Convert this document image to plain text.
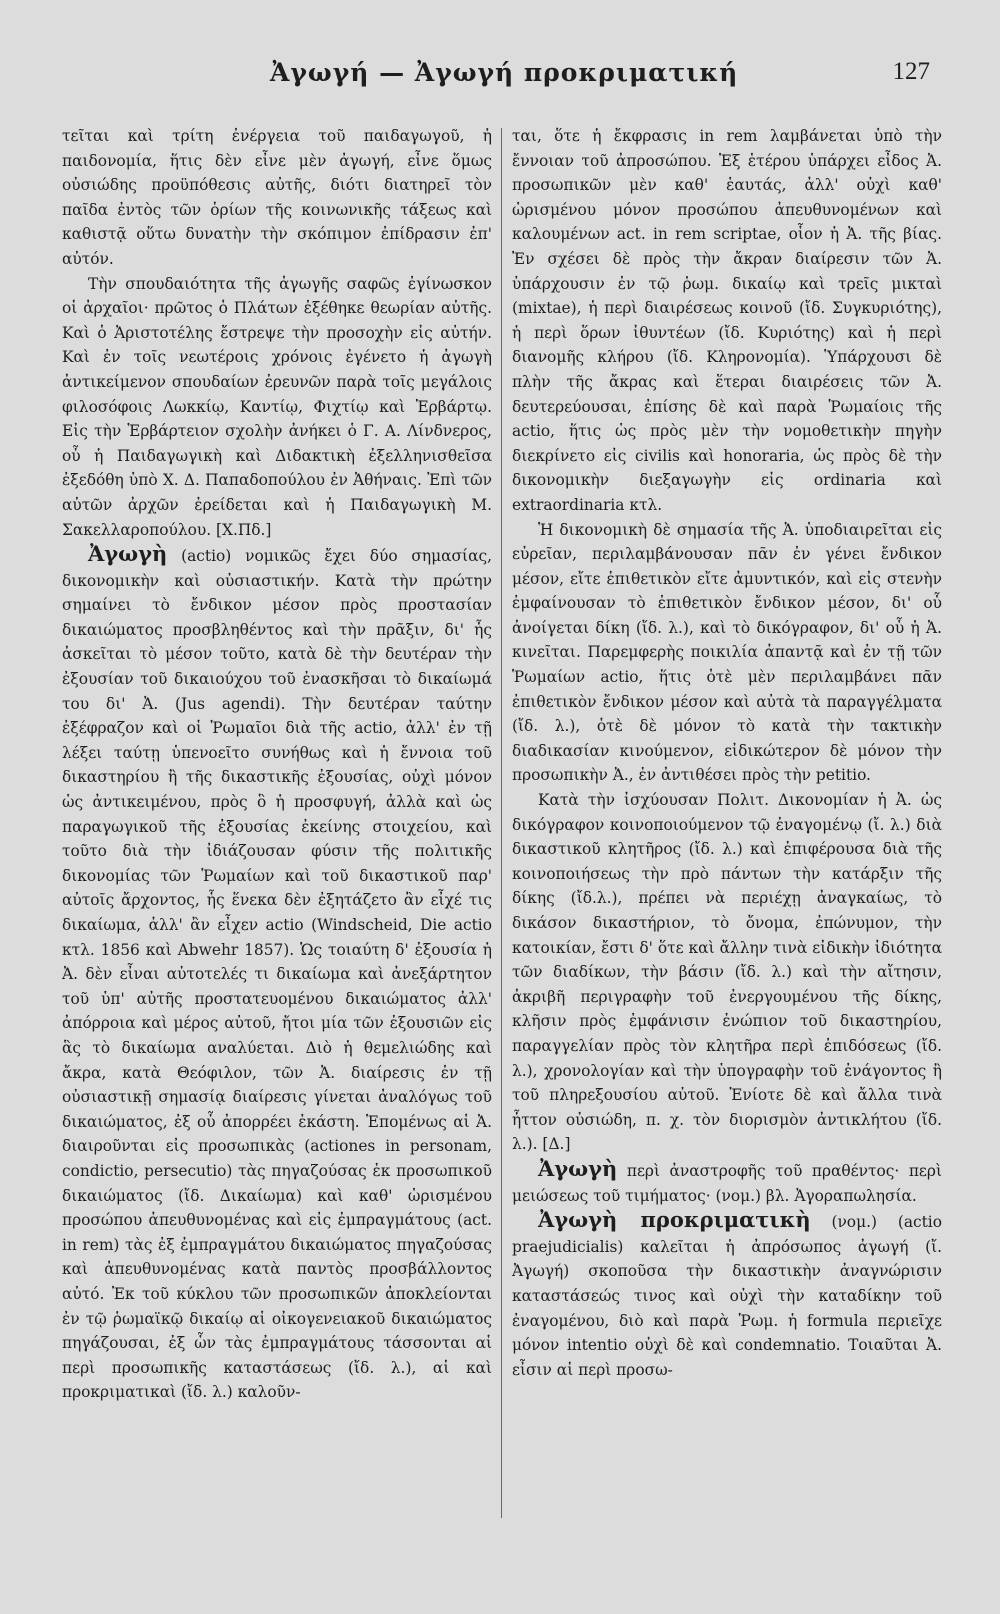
Ἀγωγή — Ἀγωγή προκριματική	127

τεῖται καὶ τρίτη ἐνέργεια τοῦ παιδαγωγοῦ, ἡ παιδονομία, ἥτις δὲν εἶνε μὲν ἀγωγή, εἶνε ὅμως οὐσιώδης προϋπόθεσις αὐτῆς, διότι διατηρεῖ τὸν παῖδα ἐντὸς τῶν ὁρίων τῆς κοινωνικῆς τάξεως καὶ καθιστᾷ οὕτω δυνατὴν τὴν σκόπιμον ἐπίδρασιν ἐπ' αὐτόν.

Τὴν σπουδαιότητα τῆς ἀγωγῆς σαφῶς ἐγίνωσκον οἱ ἀρχαῖοι· πρῶτος ὁ Πλάτων ἐξέθηκε θεωρίαν αὐτῆς. Καὶ ὁ Ἀριστοτέλης ἔστρεψε τὴν προσοχὴν εἰς αὐτήν. Καὶ ἐν τοῖς νεωτέροις χρόνοις ἐγένετο ἡ ἀγωγὴ ἀντικείμενον σπουδαίων ἐρευνῶν παρὰ τοῖς μεγάλοις φιλοσόφοις Λωκκίῳ, Καντίῳ, Φιχτίῳ καὶ Ἑρβάρτῳ. Εἰς τὴν Ἑρβάρτειον σχολὴν ἀνήκει ὁ Γ. Α. Λίνδνερος, οὗ ἡ Παιδαγωγικὴ καὶ Διδακτικὴ ἐξελληνισθεῖσα ἐξεδόθη ὑπὸ Χ. Δ. Παπαδοπούλου ἐν Ἀθήναις. Ἐπὶ τῶν αὐτῶν ἀρχῶν ἐρείδεται καὶ ἡ Παιδαγωγικὴ Μ. Σακελλαροπούλου. [Χ.Πδ.]

Ἀγωγὴ (actio) νομικῶς ἔχει δύο σημασίας, δικονομικὴν καὶ οὐσιαστικήν. Κατὰ τὴν πρώτην σημαίνει τὸ ἔνδικον μέσον πρὸς προστασίαν δικαιώματος προσβληθέντος καὶ τὴν πρᾶξιν, δι' ἧς ἀσκεῖται τὸ μέσον τοῦτο, κατὰ δὲ τὴν δευτέραν τὴν ἐξουσίαν τοῦ δικαιούχου τοῦ ἐνασκῆσαι τὸ δικαίωμά του δι' Ἀ. (Jus agendi). Τὴν δευτέραν ταύτην ἐξέφραζον καὶ οἱ Ῥωμαῖοι διὰ τῆς actio, ἀλλ' ἐν τῇ λέξει ταύτῃ ὑπενοεῖτο συνήθως καὶ ἡ ἔννοια τοῦ δικαστηρίου ἢ τῆς δικαστικῆς ἐξουσίας, οὐχὶ μόνον ὡς ἀντικειμένου, πρὸς ὃ ἡ προσφυγή, ἀλλὰ καὶ ὡς παραγωγικοῦ τῆς ἐξουσίας ἐκείνης στοιχείου, καὶ τοῦτο διὰ τὴν ἰδιάζουσαν φύσιν τῆς πολιτικῆς δικονομίας τῶν Ῥωμαίων καὶ τοῦ δικαστικοῦ παρ' αὐτοῖς ἄρχοντος, ἧς ἕνεκα δὲν ἐξητάζετο ἂν εἶχέ τις δικαίωμα, ἀλλ' ἂν εἶχεν actio (Windscheid, Die actio κτλ. 1856 καὶ Abwehr 1857). Ὡς τοιαύτη δ' ἐξουσία ἡ Ἀ. δὲν εἶναι αὐτοτελές τι δικαίωμα καὶ ἀνεξάρτητον τοῦ ὑπ' αὐτῆς προστατευομένου δικαιώματος ἀλλ' ἀπόρροια καὶ μέρος αὐτοῦ, ἤτοι μία τῶν ἐξουσιῶν εἰς ἃς τὸ δικαίωμα αναλύεται. Διὸ ἡ θεμελιώδης καὶ ἄκρα, κατὰ Θεόφιλον, τῶν Ἀ. διαίρεσις ἐν τῇ οὐσιαστικῇ σημασίᾳ διαίρεσις γίνεται ἀναλόγως τοῦ δικαιώματος, ἐξ οὗ ἀπορρέει ἑκάστη. Ἑπομένως αἱ Ἀ. διαιροῦνται εἰς προσωπικὰς (actiones in personam, condictio, persecutio) τὰς πηγαζούσας ἐκ προσωπικοῦ δικαιώματος (ἴδ. Δικαίωμα) καὶ καθ' ὡρισμένου προσώπου ἀπευθυνομένας καὶ εἰς ἐμπραγμάτους (act. in rem) τὰς ἐξ ἐμπραγμάτου δικαιώματος πηγαζούσας καὶ ἀπευθυνομένας κατὰ παντὸς προσβάλλοντος αὐτό. Ἐκ τοῦ κύκλου τῶν προσωπικῶν ἀποκλείονται ἐν τῷ ῥωμαϊκῷ δικαίῳ αἱ οἰκογενειακοῦ δικαιώματος πηγάζουσαι, ἐξ ὧν τὰς ἐμπραγμάτους τάσσονται αἱ περὶ προσωπικῆς καταστάσεως (ἴδ. λ.), αἱ καὶ προκριματικαὶ (ἴδ. λ.) καλοῦν-

ται, ὅτε ἡ ἔκφρασις in rem λαμβάνεται ὑπὸ τὴν ἔννοιαν τοῦ ἀπροσώπου. Ἐξ ἑτέρου ὑπάρχει εἶδος Ἀ. προσωπικῶν μὲν καθ' ἑαυτάς, ἀλλ' οὐχὶ καθ' ὡρισμένου μόνον προσώπου ἀπευθυνομένων καὶ καλουμένων act. in rem scriptae, οἷον ἡ Ἀ. τῆς βίας. Ἐν σχέσει δὲ πρὸς τὴν ἄκραν διαίρεσιν τῶν Ἀ. ὑπάρχουσιν ἐν τῷ ῥωμ. δικαίῳ καὶ τρεῖς μικταὶ (mixtae), ἡ περὶ διαιρέσεως κοινοῦ (ἴδ. Συγκυριότης), ἡ περὶ ὅρων ἰθυντέων (ἴδ. Κυριότης) καὶ ἡ περὶ διανομῆς κλήρου (ἴδ. Κληρονομία). Ὑπάρχουσι δὲ πλὴν τῆς ἄκρας καὶ ἕτεραι διαιρέσεις τῶν Ἀ. δευτερεύουσαι, ἐπίσης δὲ καὶ παρὰ Ῥωμαίοις τῆς actio, ἥτις ὡς πρὸς μὲν τὴν νομοθετικὴν πηγὴν διεκρίνετο εἰς civilis καὶ honoraria, ὡς πρὸς δὲ τὴν δικονομικὴν διεξαγωγὴν εἰς ordinaria καὶ extraordinaria κτλ.

Ἡ δικονομικὴ δὲ σημασία τῆς Ἀ. ὑποδιαιρεῖται εἰς εὐρεῖαν, περιλαμβάνουσαν πᾶν ἐν γένει ἔνδικον μέσον, εἴτε ἐπιθετικὸν εἴτε ἀμυντικόν, καὶ εἰς στενὴν ἐμφαίνουσαν τὸ ἐπιθετικὸν ἔνδικον μέσον, δι' οὗ ἀνοίγεται δίκη (ἴδ. λ.), καὶ τὸ δικόγραφον, δι' οὗ ἡ Ἀ. κινεῖται. Παρεμφερὴς ποικιλία ἀπαντᾷ καὶ ἐν τῇ τῶν Ῥωμαίων actio, ἥτις ὁτὲ μὲν περιλαμβάνει πᾶν ἐπιθετικὸν ἔνδικον μέσον καὶ αὐτὰ τὰ παραγγέλματα (ἴδ. λ.), ὁτὲ δὲ μόνον τὸ κατὰ τὴν τακτικὴν διαδικασίαν κινούμενον, εἰδικώτερον δὲ μόνον τὴν προσωπικὴν Ἀ., ἐν ἀντιθέσει πρὸς τὴν petitio.

Κατὰ τὴν ἰσχύουσαν Πολιτ. Δικονομίαν ἡ Ἀ. ὡς δικόγραφον κοινοποιούμενον τῷ ἐναγομένῳ (ἴ. λ.) διὰ δικαστικοῦ κλητῆρος (ἴδ. λ.) καὶ ἐπιφέρουσα διὰ τῆς κοινοποιήσεως τὴν πρὸ πάντων τὴν κατάρξιν τῆς δίκης (ἴδ.λ.), πρέπει νὰ περιέχῃ ἀναγκαίως, τὸ δικάσον δικαστήριον, τὸ ὄνομα, ἐπώνυμον, τὴν κατοικίαν, ἔστι δ' ὅτε καὶ ἄλλην τινὰ εἰδικὴν ἰδιότητα τῶν διαδίκων, τὴν βάσιν (ἴδ. λ.) καὶ τὴν αἴτησιν, ἀκριβῆ περιγραφὴν τοῦ ἐνεργουμένου τῆς δίκης, κλῆσιν πρὸς ἐμφάνισιν ἐνώπιον τοῦ δικαστηρίου, παραγγελίαν πρὸς τὸν κλητῆρα περὶ ἐπιδόσεως (ἴδ. λ.), χρονολογίαν καὶ τὴν ὑπογραφὴν τοῦ ἐνάγοντος ἢ τοῦ πληρεξουσίου αὐτοῦ. Ἐνίοτε δὲ καὶ ἄλλα τινὰ ἧττον οὐσιώδη, π. χ. τὸν διορισμὸν ἀντικλήτου (ἴδ. λ.). [Δ.]

Ἀγωγὴ περὶ ἀναστροφῆς τοῦ πραθέντος· περὶ μειώσεως τοῦ τιμήματος· (νομ.) βλ. Ἀγοραπωλησία.

Ἀγωγὴ προκριματικὴ (νομ.) (actio praejudicialis) καλεῖται ἡ ἀπρόσωπος ἀγωγή (ἴ. Ἀγωγή) σκοποῦσα τὴν δικαστικὴν ἀναγνώρισιν καταστάσεώς τινος καὶ οὐχὶ τὴν καταδίκην τοῦ ἐναγομένου, διὸ καὶ παρὰ Ῥωμ. ἡ formula περιεῖχε μόνον intentio οὐχὶ δὲ καὶ condemnatio. Τοιαῦται Ἀ. εἶσιν αἱ περὶ προσω-
